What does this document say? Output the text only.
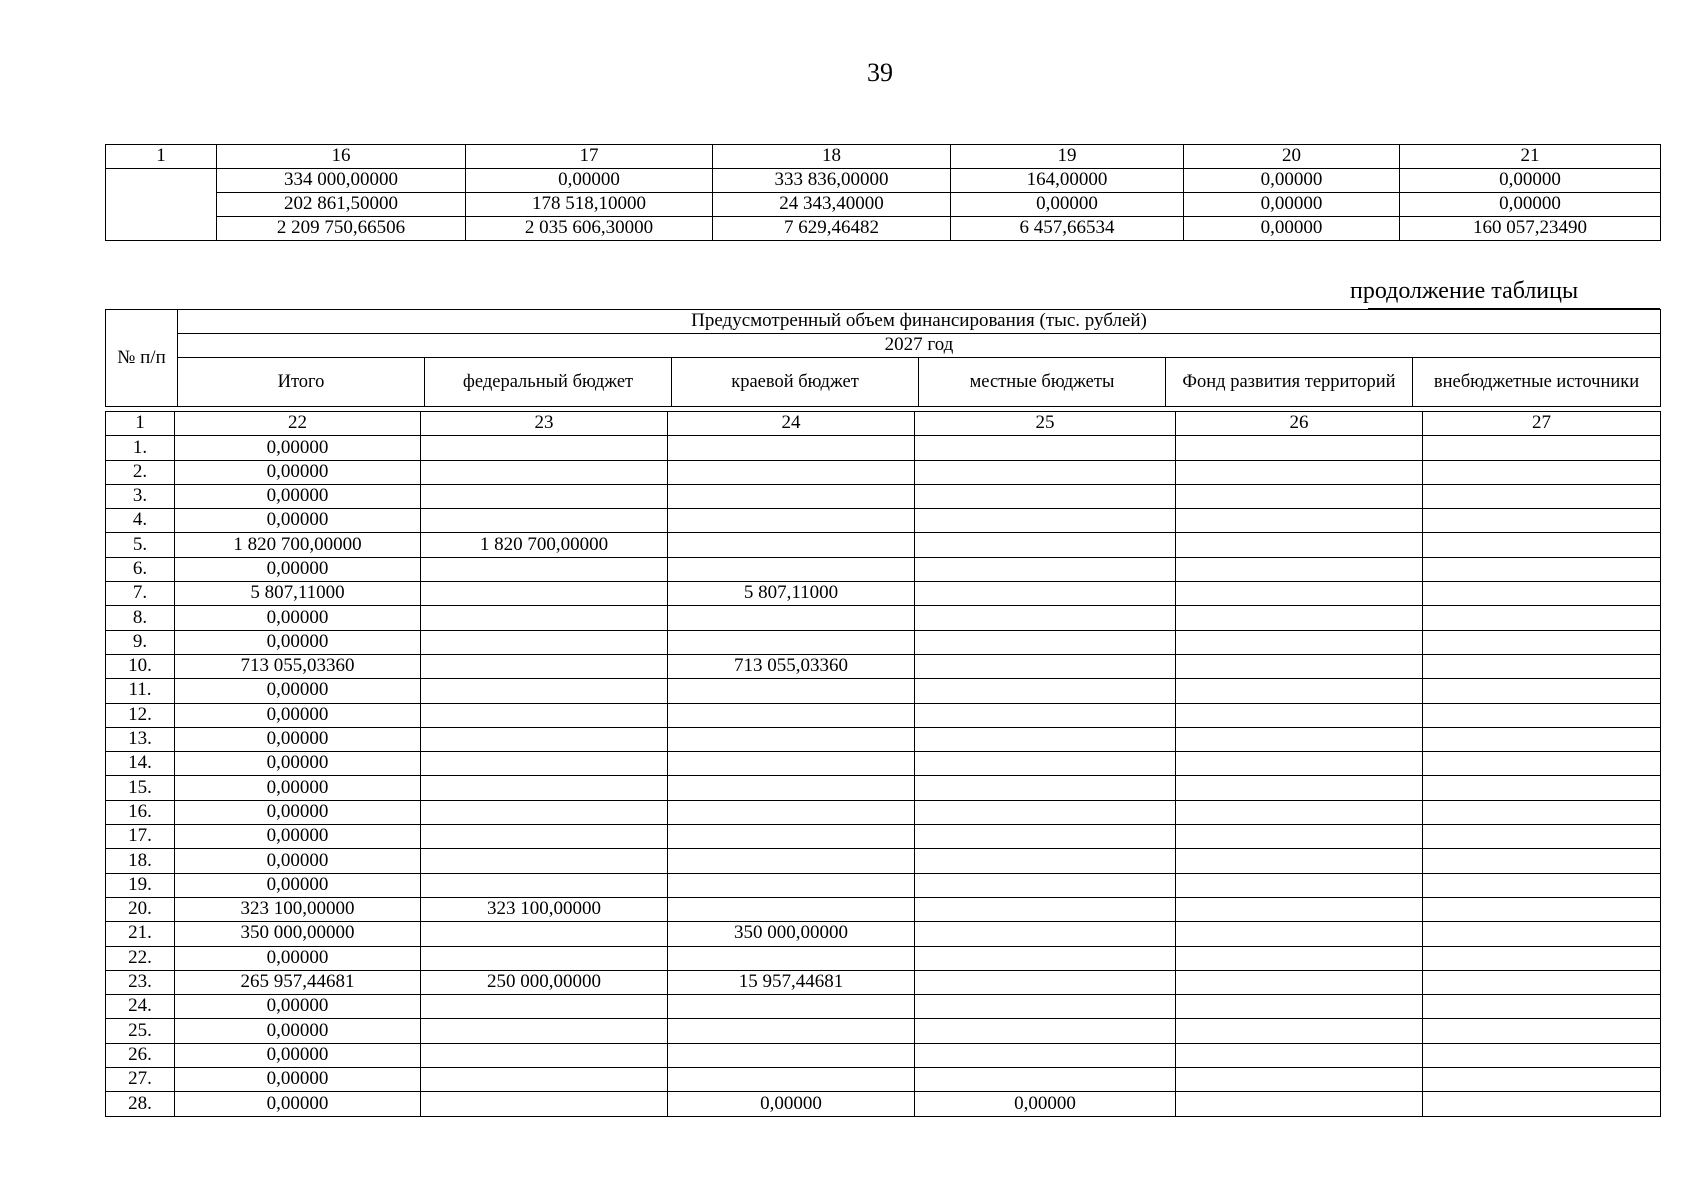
39
1	16	17	18	19	20	21
	334 000,00000	0,00000	333 836,00000	164,00000	0,00000	0,00000
	202 861,50000	178 518,10000	24 343,40000	0,00000	0,00000	0,00000
	2 209 750,66506	2 035 606,30000	7 629,46482	6 457,66534	0,00000	160 057,23490
продолжение таблицы
№ п/п	Предусмотренный объем финансирования (тыс. рублей)					
	2027 год					
	Итого	федеральный бюджет	краевой бюджет	местные бюджеты	Фонд развития территорий	внебюджетные источники
1	22	23	24	25	26	27
1.	0,00000					
2.	0,00000					
3.	0,00000					
4.	0,00000					
5.	1 820 700,00000	1 820 700,00000				
6.	0,00000					
7.	5 807,11000		5 807,11000			
8.	0,00000					
9.	0,00000					
10.	713 055,03360		713 055,03360			
11.	0,00000					
12.	0,00000					
13.	0,00000					
14.	0,00000					
15.	0,00000					
16.	0,00000					
17.	0,00000					
18.	0,00000					
19.	0,00000					
20.	323 100,00000	323 100,00000				
21.	350 000,00000		350 000,00000			
22.	0,00000					
23.	265 957,44681	250 000,00000	15 957,44681			
24.	0,00000					
25.	0,00000					
26.	0,00000					
27.	0,00000					
28.	0,00000		0,00000	0,00000		
